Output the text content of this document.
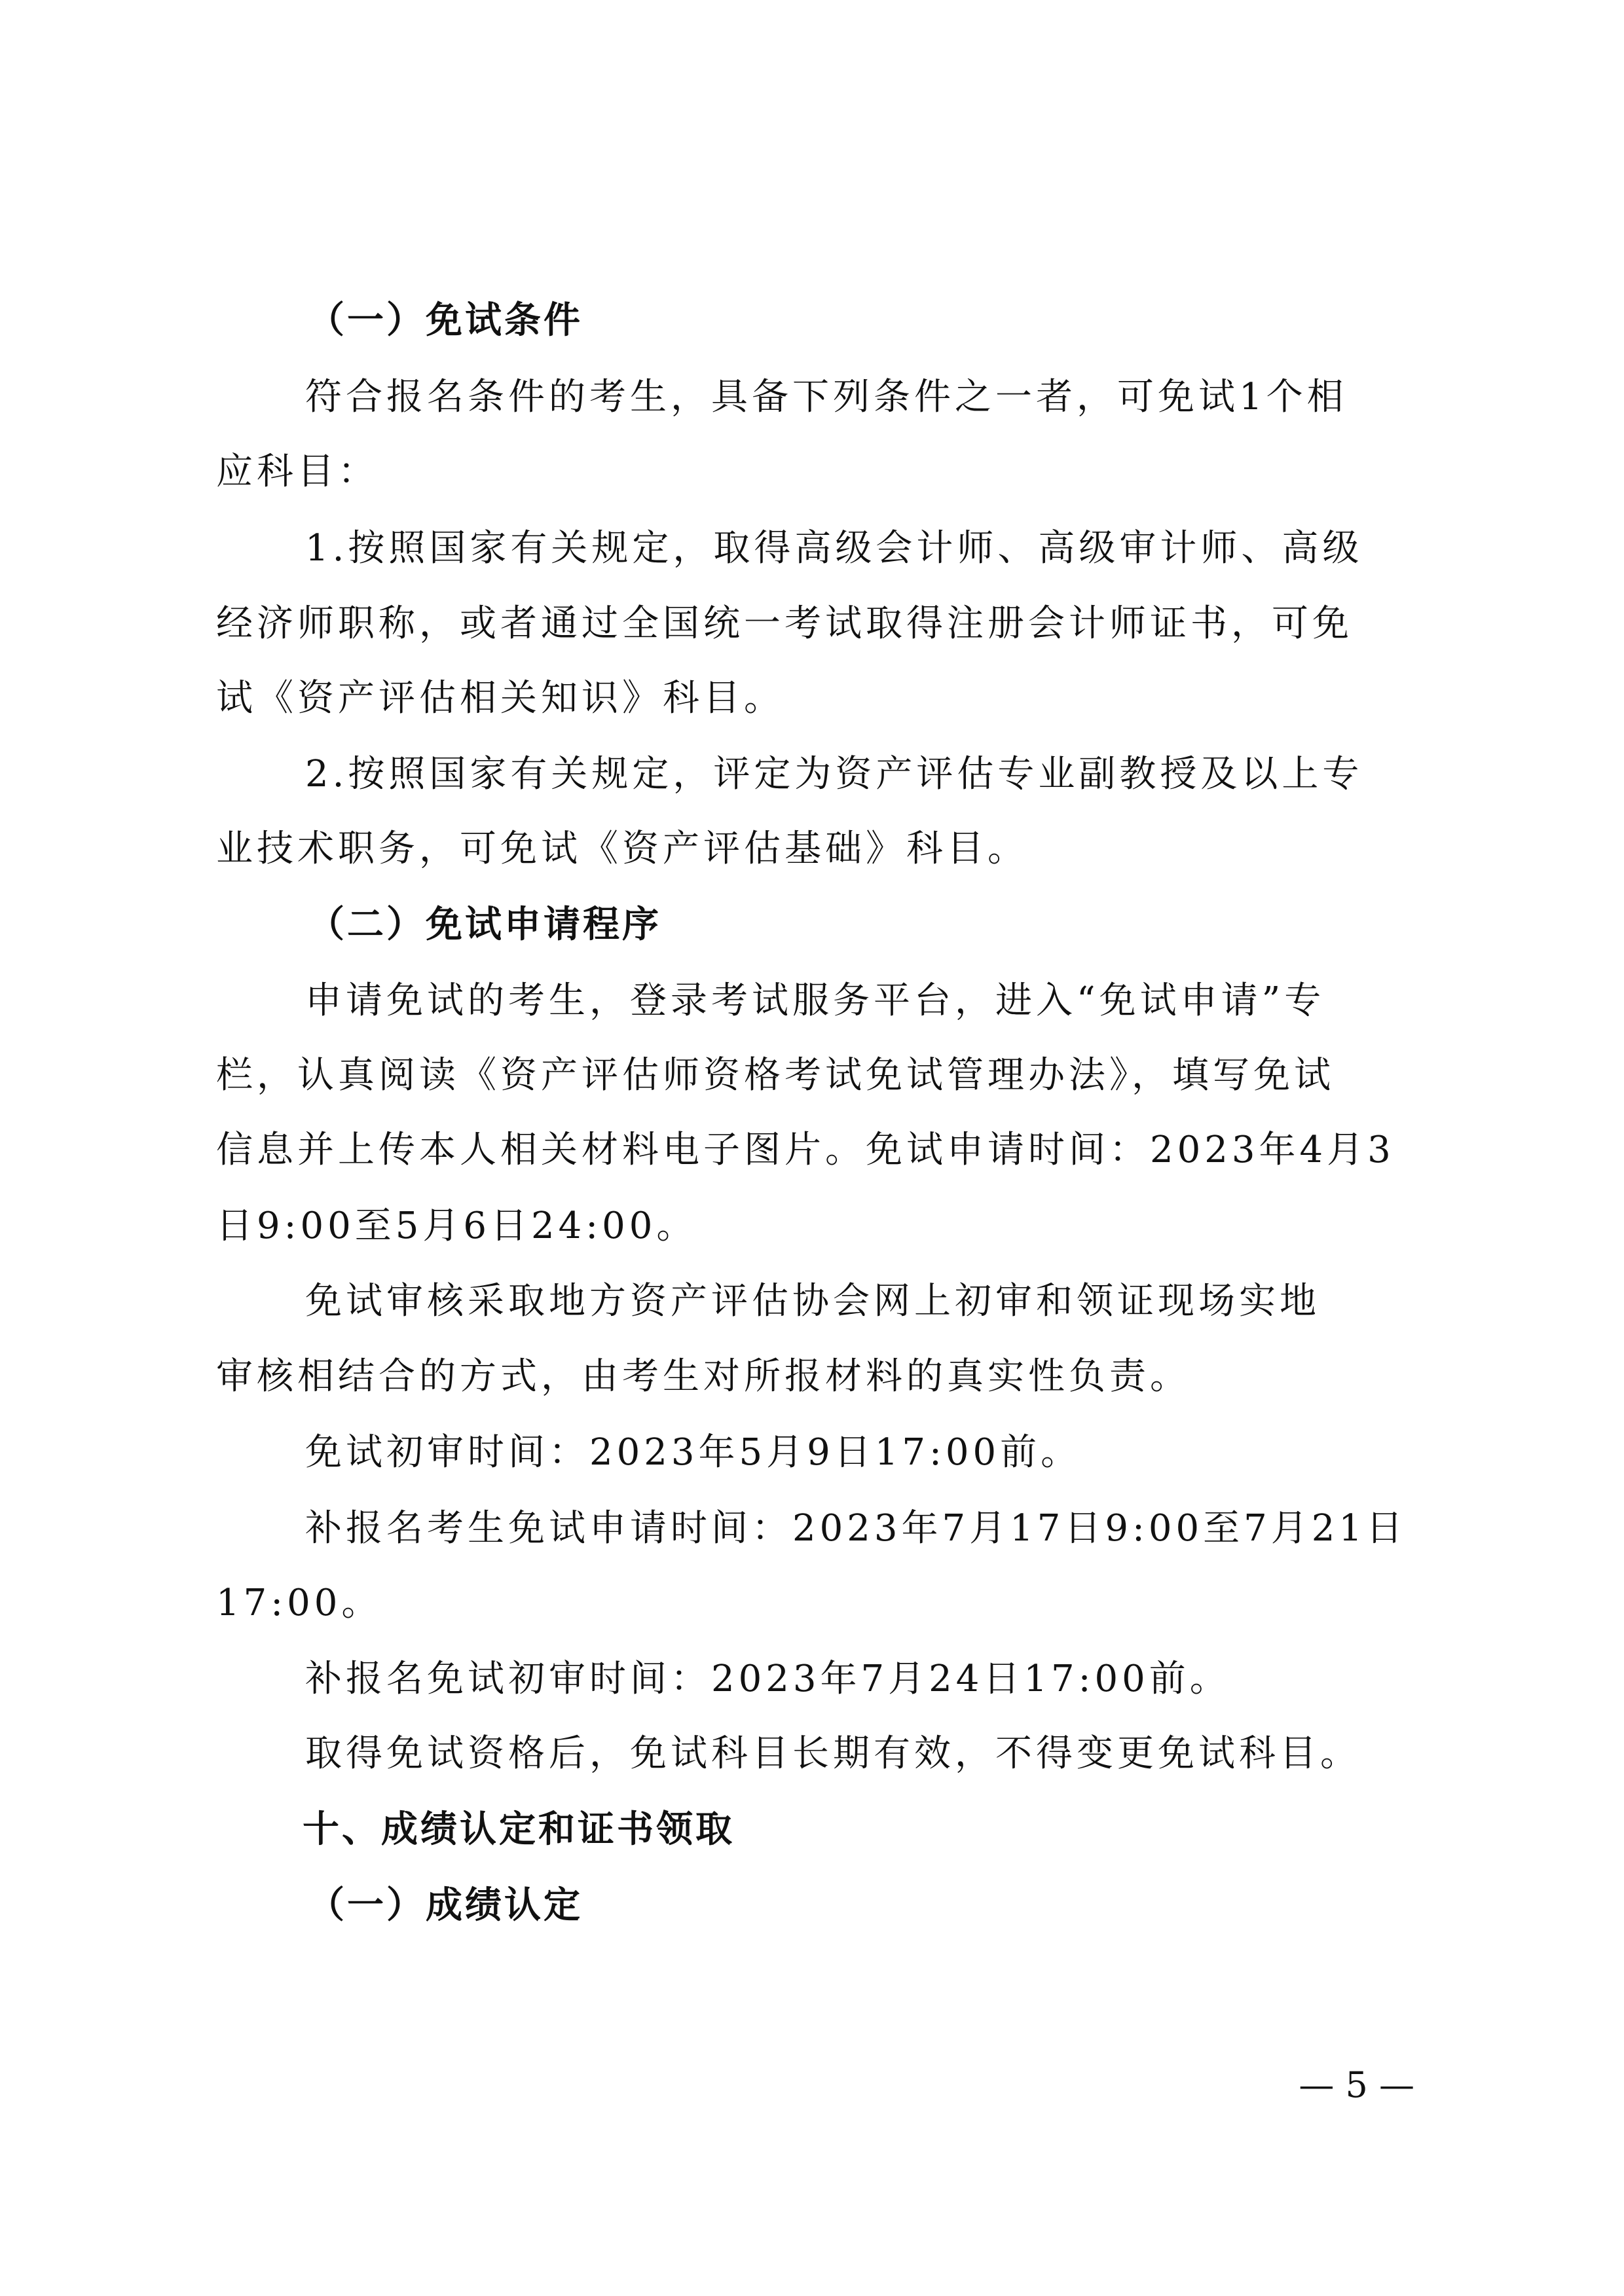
（一）免试条件
符合报名条件的考生，具备下列条件之一者，可免试1个相
应科目：
1.按照国家有关规定，取得高级会计师、高级审计师、高级
经济师职称，或者通过全国统一考试取得注册会计师证书，可免
试《资产评估相关知识》科目。
2.按照国家有关规定，评定为资产评估专业副教授及以上专
业技术职务，可免试《资产评估基础》科目。
（二）免试申请程序
申请免试的考生，登录考试服务平台，进入“免试申请”专
栏，认真阅读《资产评估师资格考试免试管理办法》，填写免试
信息并上传本人相关材料电子图片。免试申请时间：2023年4月3
日9:00至5月6日24:00。
免试审核采取地方资产评估协会网上初审和领证现场实地
审核相结合的方式，由考生对所报材料的真实性负责。
免试初审时间：2023年5月9日17:00前。
补报名考生免试申请时间：2023年7月17日9:00至7月21日
17:00。
补报名免试初审时间：2023年7月24日17:00前。
取得免试资格后，免试科目长期有效，不得变更免试科目。
十、成绩认定和证书领取
（一）成绩认定
— 5 —
